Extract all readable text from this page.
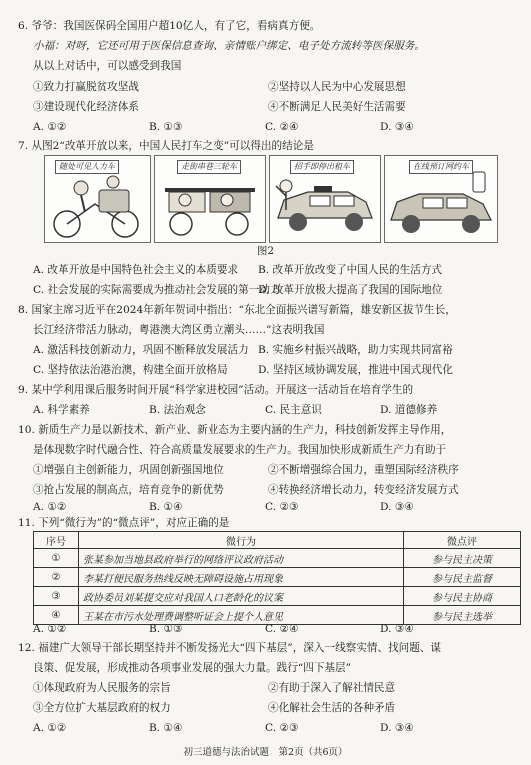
6. 爷爷：我国医保码全国用户超10亿人，有了它，看病真方便。
小福：对呀，它还可用于医保信息查询、亲情账户绑定、电子处方流转等医保服务。
从以上对话中，可以感受到我国
①致力打赢脱贫攻坚战	②坚持以人民为中心发展思想
③建设现代化经济体系	④不断满足人民美好生活需要
A. ①②	B. ①③	C. ②④	D. ③④
7. 从图2“改革开放以来，中国人民打车之变”可以得出的结论是
随处可见人力车	走街串巷三轮车	招手即停出租车	在线预订网约车
图2
A. 改革开放是中国特色社会主义的本质要求 B. 改革开放改变了中国人民的生活方式
C. 社会发展的实际需要成为推动社会发展的第一动力
D. 改革开放极大提高了我国的国际地位
8. 国家主席习近平在2024年新年贺词中指出：“东北全面振兴谱写新篇，雄安新区拔节生长，
长江经济带活力脉动，粤港澳大湾区勇立潮头……”这表明我国
A. 激活科技创新动力，巩固不断释放发展活力 B. 实施乡村振兴战略，助力实现共同富裕
C. 坚持依法治港治澳，构建全面开放格局	D. 坚持区域协调发展，推进中国式现代化
9. 某中学利用课后服务时间开展“科学家进校园”活动。开展这一活动旨在培育学生的
A. 科学素养	B. 法治观念	C. 民主意识	D. 道德修养
10. 新质生产力是以新技术、新产业、新业态为主要内涵的生产力，科技创新发挥主导作用，
是体现数字时代融合性、符合高质量发展要求的生产力。我国加快形成新质生产力有助于
①增强自主创新能力，巩固创新强国地位	②不断增强综合国力，重塑国际经济秩序
③抢占发展的制高点，培育竞争的新优势	④转换经济增长动力，转变经济发展方式
A. ①②	B. ①④	C. ②③	D. ③④
11. 下列“微行为”的“微点评”，对应正确的是
序号	微行为	微点评
①	张某参加当地县政府举行的网络评议政府活动	参与民主决策
②	李某打便民服务热线反映无障碍设施占用现象	参与民主监督
③	政协委员刘某提交应对我国人口老龄化的议案	参与民主协商
④	王某在市污水处理费调整听证会上提个人意见	参与民主选举
A. ①②	B. ①③	C. ②④	D. ③④
12. 福建广大领导干部长期坚持并不断发扬光大“四下基层”，深入一线察实情、找问题、谋
良策、促发展，形成推动各项事业发展的强大力量。践行“四下基层”
①体现政府为人民服务的宗旨	②有助于深入了解社情民意
③全方位扩大基层政府的权力	④化解社会生活的各种矛盾
A. ①②	B. ①④	C. ②③	D. ③④
初三道德与法治试题　第2页（共6页）
